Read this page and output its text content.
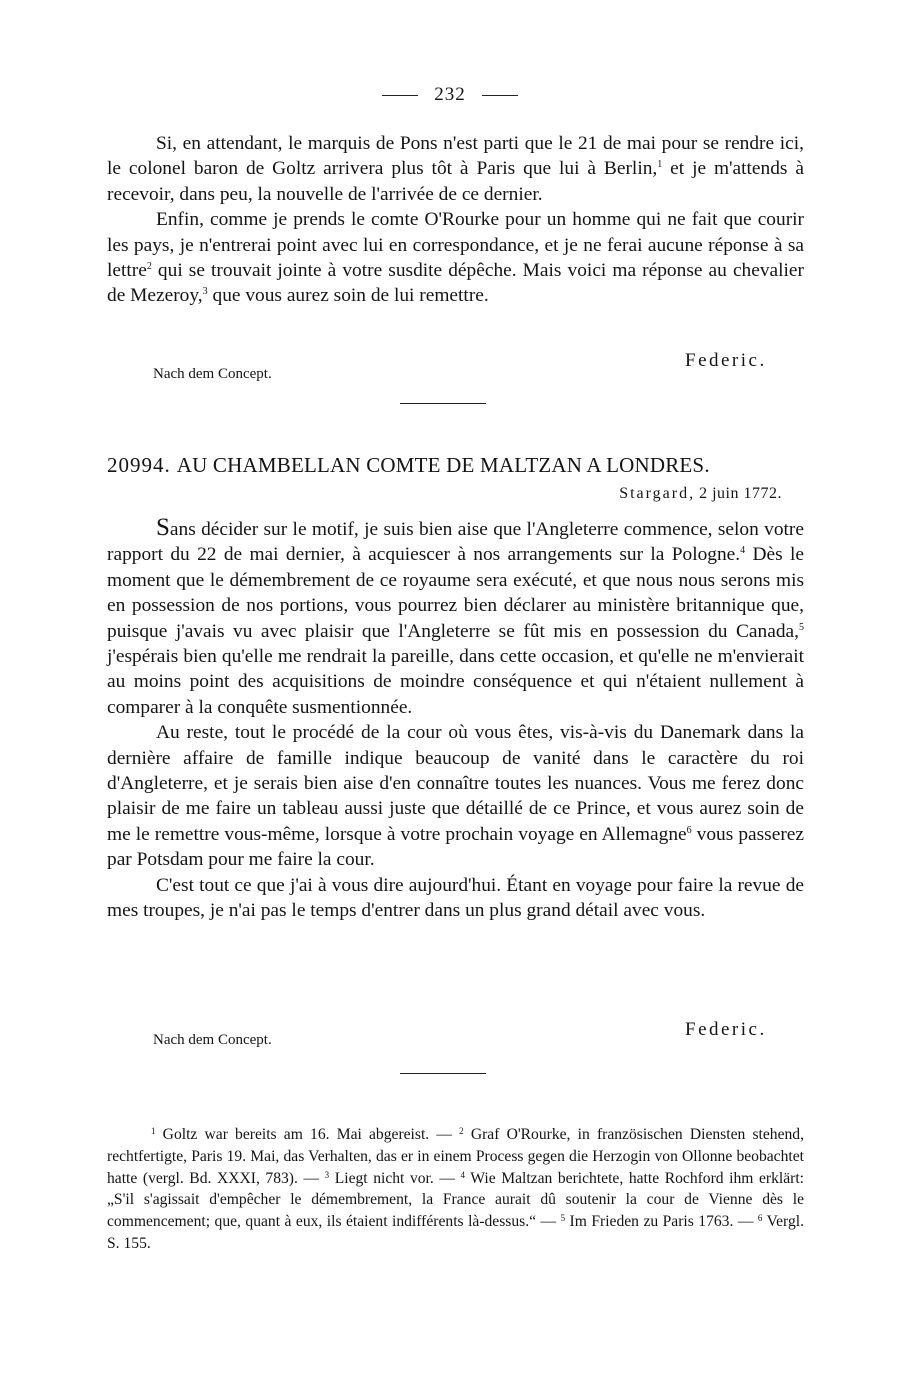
232

Si, en attendant, le marquis de Pons n'est parti que le 21 de mai pour se rendre ici, le colonel baron de Goltz arrivera plus tôt à Paris que lui à Berlin,$^1$ et je m'attends à recevoir, dans peu, la nouvelle de l'arrivée de ce dernier.

Enfin, comme je prends le comte O'Rourke pour un homme qui ne fait que courir les pays, je n'entrerai point avec lui en correspondance, et je ne ferai aucune réponse à sa lettre$^2$ qui se trouvait jointe à votre susdite dépêche. Mais voici ma réponse au chevalier de Mezeroy,$^3$ que vous aurez soin de lui remettre.

Federic.
Nach dem Concept.
20994. AU CHAMBELLAN COMTE DE MALTZAN A LONDRES.
Stargard, 2 juin 1772.

Sans décider sur le motif, je suis bien aise que l'Angleterre commence, selon votre rapport du 22 de mai dernier, à acquiescer à nos arrangements sur la Pologne.$^4$ Dès le moment que le démembrement de ce royaume sera exécuté, et que nous nous serons mis en possession de nos portions, vous pourrez bien déclarer au ministère britannique que, puisque j'avais vu avec plaisir que l'Angleterre se fût mis en possession du Canada,$^5$ j'espérais bien qu'elle me rendrait la pareille, dans cette occasion, et qu'elle ne m'envierait au moins point des acquisitions de moindre conséquence et qui n'étaient nullement à comparer à la conquête susmentionnée.

Au reste, tout le procédé de la cour où vous êtes, vis-à-vis du Danemark dans la dernière affaire de famille indique beaucoup de vanité dans le caractère du roi d'Angleterre, et je serais bien aise d'en connaître toutes les nuances. Vous me ferez donc plaisir de me faire un tableau aussi juste que détaillé de ce Prince, et vous aurez soin de me le remettre vous-même, lorsque à votre prochain voyage en Allemagne$^6$ vous passerez par Potsdam pour me faire la cour.

C'est tout ce que j'ai à vous dire aujourd'hui. Étant en voyage pour faire la revue de mes troupes, je n'ai pas le temps d'entrer dans un plus grand détail avec vous.

Federic.
Nach dem Concept.
$^1$ Goltz war bereits am 16. Mai abgereist. — $^2$ Graf O'Rourke, in französischen Diensten stehend, rechtfertigte, Paris 19. Mai, das Verhalten, das er in einem Process gegen die Herzogin von Ollonne beobachtet hatte (vergl. Bd. XXXI, 783). — $^3$ Liegt nicht vor. — $^4$ Wie Maltzan berichtete, hatte Rochford ihm erklärt: „S'il s'agissait d'empêcher le démembrement, la France aurait dû soutenir la cour de Vienne dès le commencement; que, quant à eux, ils étaient indifférents là-dessus.“ — $^5$ Im Frieden zu Paris 1763. — $^6$ Vergl. S. 155.
